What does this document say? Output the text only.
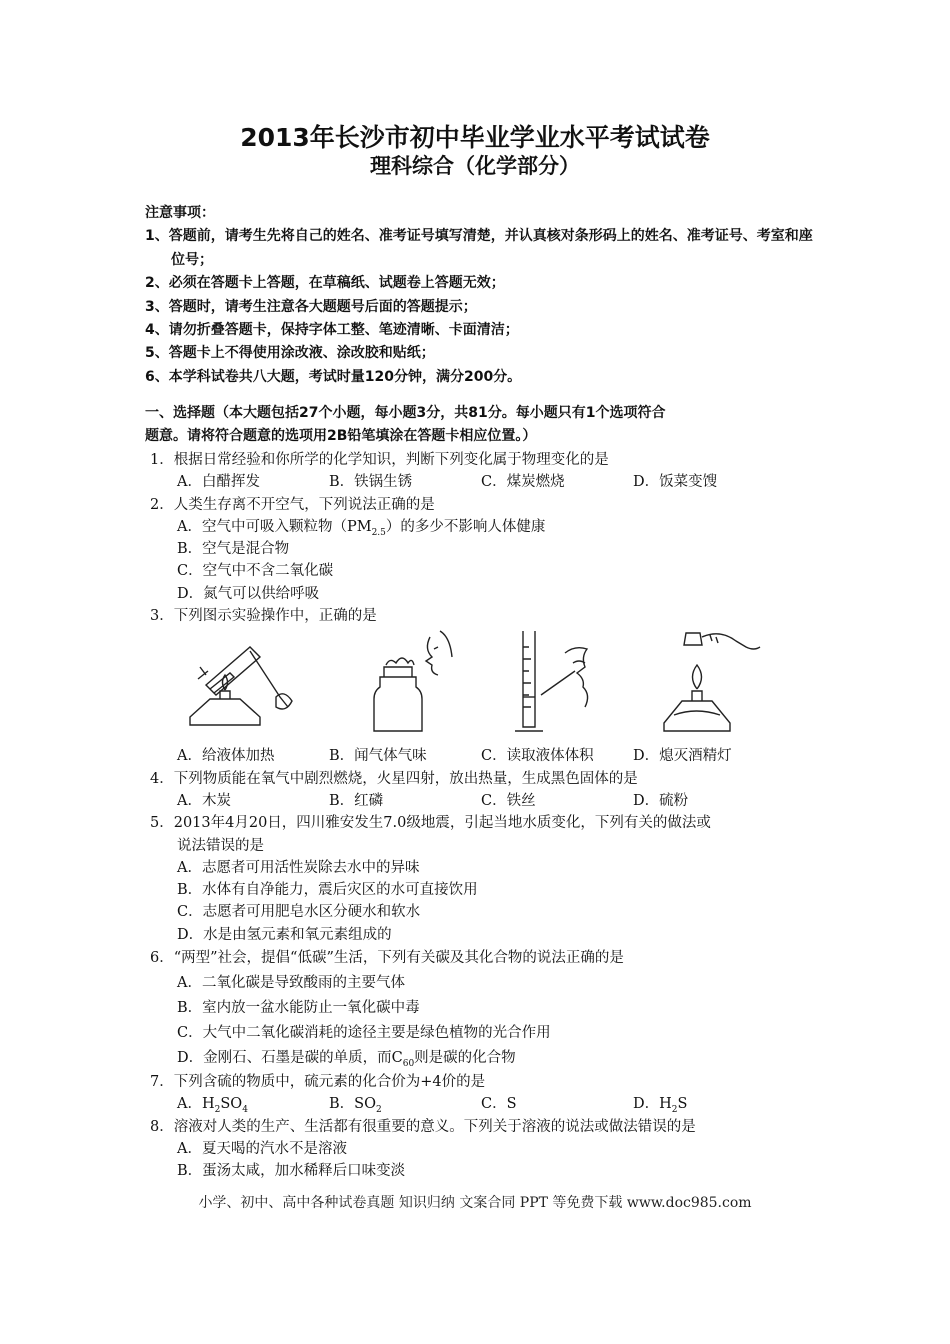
2013年长沙市初中毕业学业水平考试试卷
理科综合（化学部分）
注意事项：
1、答题前，请考生先将自己的姓名、准考证号填写清楚，并认真核对条形码上的姓名、准考证号、考室和座位号；
2、必须在答题卡上答题，在草稿纸、试题卷上答题无效；
3、答题时，请考生注意各大题题号后面的答题提示；
4、请勿折叠答题卡，保持字体工整、笔迹清晰、卡面清洁；
5、答题卡上不得使用涂改液、涂改胶和贴纸；
6、本学科试卷共八大题，考试时量120分钟，满分200分。
一、选择题（本大题包括27个小题，每小题3分，共81分。每小题只有1个选项符合
题意。请将符合题意的选项用2B铅笔填涂在答题卡相应位置。）
1．根据日常经验和你所学的化学知识，判断下列变化属于物理变化的是
A．白醋挥发	B．铁锅生锈	C．煤炭燃烧	D．饭菜变馊
2．人类生存离不开空气，下列说法正确的是
A．空气中可吸入颗粒物$(PM_{2.5})$的多少不影响人体健康
B．空气是混合物
C．空气中不含二氧化碳
D．氮气可以供给呼吸
3．下列图示实验操作中，正确的是
A．给液体加热	B．闻气体气味	C．读取液体体积	D．熄灭酒精灯
4．下列物质能在氧气中剧烈燃烧，火星四射，放出热量，生成黑色固体的是
A．木炭	B．红磷	C．铁丝	D．硫粉
5．2013年4月20日，四川雅安发生7.0级地震，引起当地水质变化，下列有关的做法或
说法错误的是
A．志愿者可用活性炭除去水中的异味
B．水体有自净能力，震后灾区的水可直接饮用
C．志愿者可用肥皂水区分硬水和软水
D．水是由氢元素和氧元素组成的
6．“两型”社会，提倡“低碳”生活，下列有关碳及其化合物的说法正确的是
A．二氧化碳是导致酸雨的主要气体
B．室内放一盆水能防止一氧化碳中毒
C．大气中二氧化碳消耗的途径主要是绿色植物的光合作用
D．金刚石、石墨是碳的单质，而$C_{60}$则是碳的化合物
7．下列含硫的物质中，硫元素的化合价为+4价的是
A．$H_2SO_4$	B．$SO_2$	C．S	D．$H_2S$
8．溶液对人类的生产、生活都有很重要的意义。下列关于溶液的说法或做法错误的是
A．夏天喝的汽水不是溶液
B．蛋汤太咸，加水稀释后口味变淡
小学、初中、高中各种试卷真题 知识归纳 文案合同 PPT 等免费下载 www.doc985.com
